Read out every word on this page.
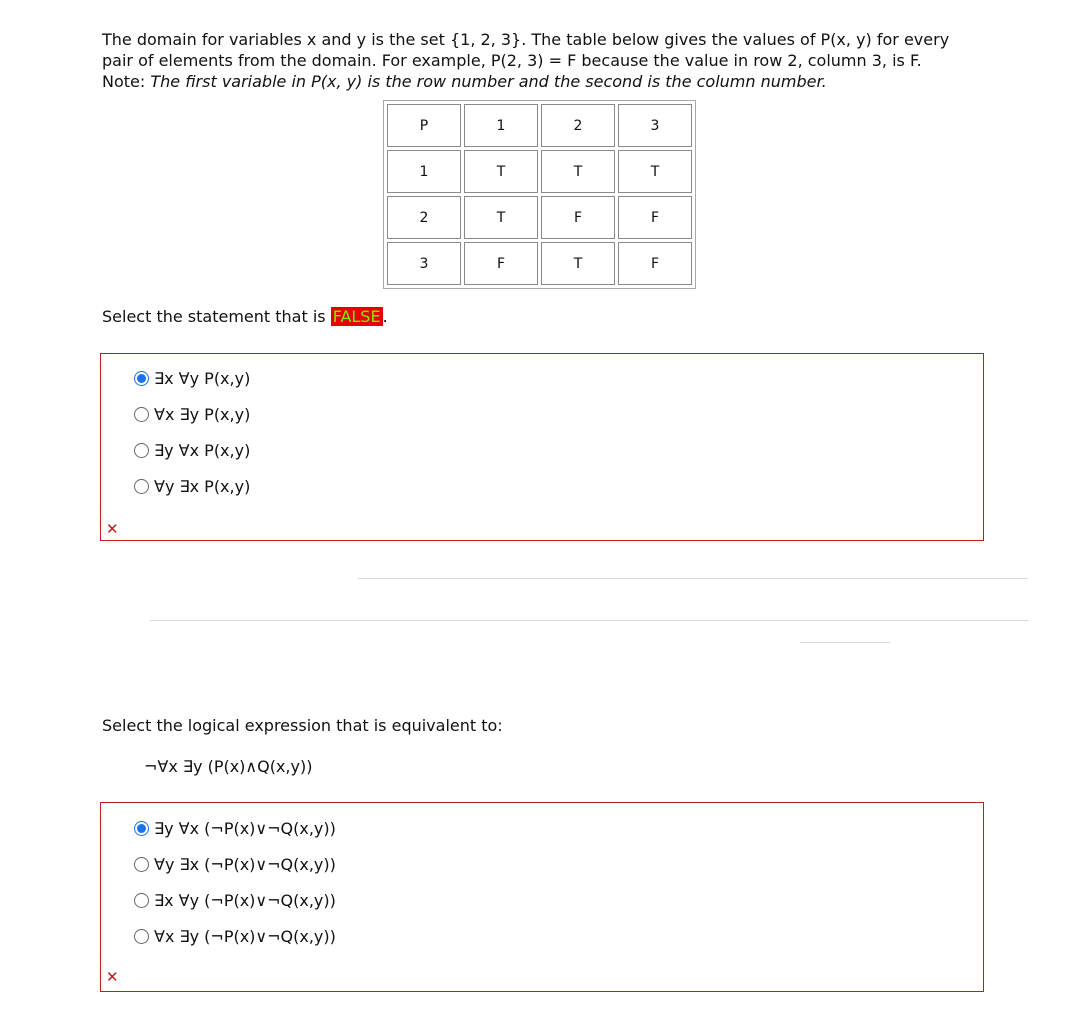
The domain for variables x and y is the set {1, 2, 3}. The table below gives the values of P(x, y) for every
pair of elements from the domain. For example, P(2, 3) = F because the value in row 2, column 3, is F.
Note: The first variable in P(x, y) is the row number and the second is the column number.
P	1	2	3
1	T	T	T
2	T	F	F
3	F	T	F
Select the statement that is FALSE .
∃x ∀y P(x,y)
∀x ∃y P(x,y)
∃y ∀x P(x,y)
∀y ∃x P(x,y)
✕
Select the logical expression that is equivalent to:
¬∀x ∃y (P(x)∧Q(x,y))
∃y ∀x (¬P(x)∨¬Q(x,y))
∀y ∃x (¬P(x)∨¬Q(x,y))
∃x ∀y (¬P(x)∨¬Q(x,y))
∀x ∃y (¬P(x)∨¬Q(x,y))
✕
